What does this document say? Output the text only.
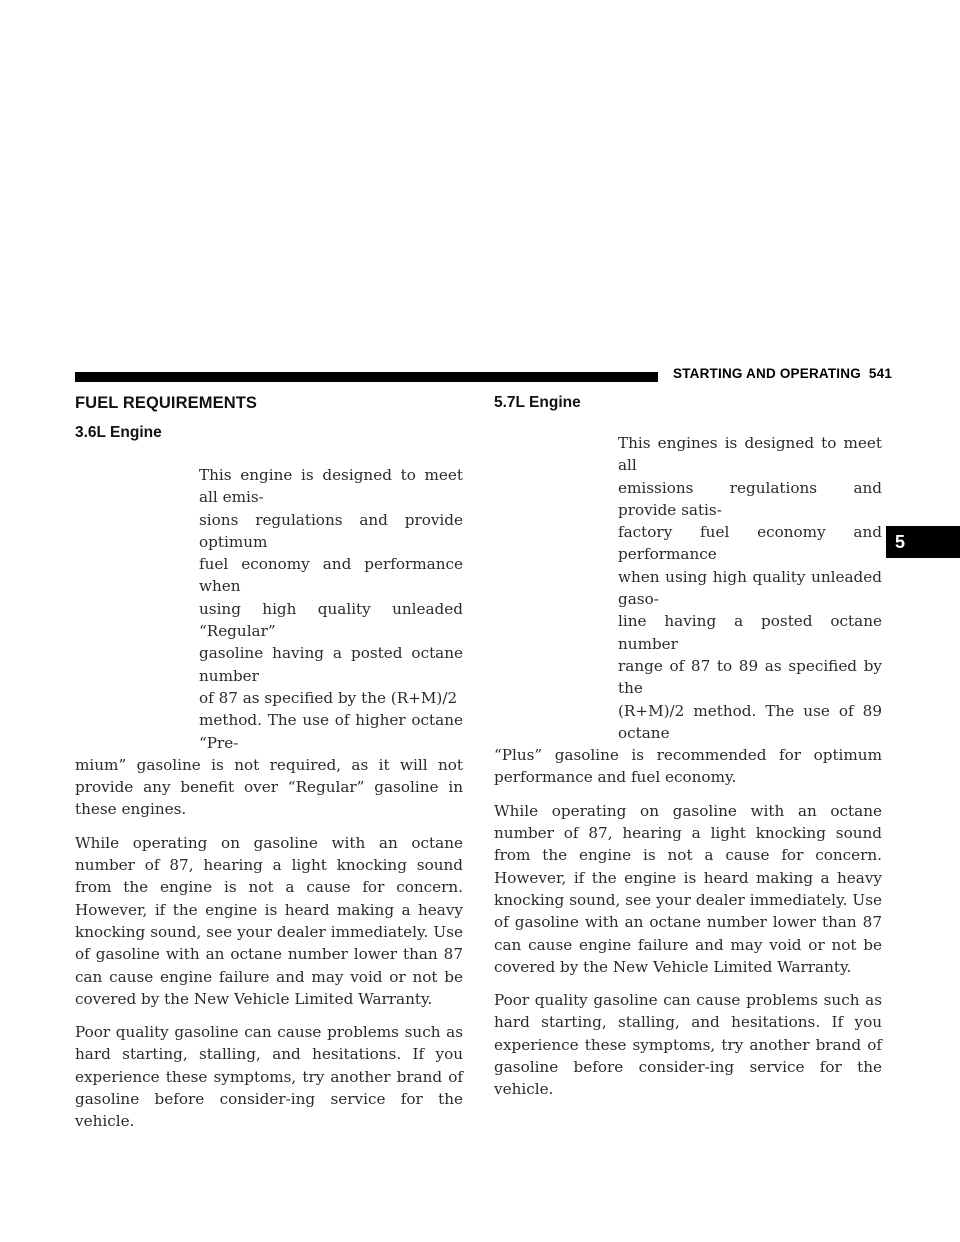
STARTING AND OPERATING 541
5
FUEL REQUIREMENTS
3.6L Engine
This engine is designed to meet all emis-
sions regulations and provide optimum
fuel economy and performance when
using high quality unleaded “Regular”
gasoline having a posted octane number
of 87 as specified by the (R+M)/2
method. The use of higher octane “Pre-

mium” gasoline is not required, as it will not provide any benefit over “Regular” gasoline in these engines.

While operating on gasoline with an octane number of 87, hearing a light knocking sound from the engine is not a cause for concern. However, if the engine is heard making a heavy knocking sound, see your dealer immediately. Use of gasoline with an octane number lower than 87 can cause engine failure and may void or not be covered by the New Vehicle Limited Warranty.

Poor quality gasoline can cause problems such as hard starting, stalling, and hesitations. If you experience these symptoms, try another brand of gasoline before consider-ing service for the vehicle.

5.7L Engine
This engines is designed to meet all
emissions regulations and provide satis-
factory fuel economy and performance
when using high quality unleaded gaso-
line having a posted octane number
range of 87 to 89 as specified by the
(R+M)/2 method. The use of 89 octane

“Plus” gasoline is recommended for optimum performance and fuel economy.

While operating on gasoline with an octane number of 87, hearing a light knocking sound from the engine is not a cause for concern. However, if the engine is heard making a heavy knocking sound, see your dealer immediately. Use of gasoline with an octane number lower than 87 can cause engine failure and may void or not be covered by the New Vehicle Limited Warranty.

Poor quality gasoline can cause problems such as hard starting, stalling, and hesitations. If you experience these symptoms, try another brand of gasoline before consider-ing service for the vehicle.
